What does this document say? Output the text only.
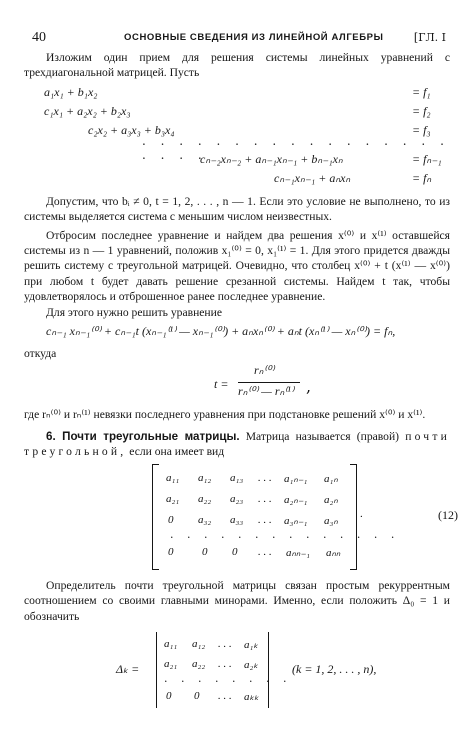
40	ОСНОВНЫЕ СВЕДЕНИЯ ИЗ ЛИНЕЙНОЙ АЛГЕБРЫ	[ГЛ. I

Изложим один прием для решения системы линейных уравнений с трехдиагональной матрицей. Пусть

a₁x₁ + b₁x₂	= f₁
c₁x₁ + a₂x₂ + b₂x₃	= f₂
c₂x₂ + a₃x₃ + b₃x₄	= f₃
. . . . . . . . . . . . . . . . . . . . .
cₙ₋₂xₙ₋₂ + aₙ₋₁xₙ₋₁ + bₙ₋₁xₙ	= fₙ₋₁
cₙ₋₁xₙ₋₁ + aₙxₙ	= fₙ

Допустим, что bᵢ ≠ 0, t = 1, 2, . . . , n — 1. Если это условие не выполнено, то из системы выделяется система с меньшим числом неизвестных.

Отбросим последнее уравнение и найдем два решения x⁽⁰⁾ и x⁽¹⁾ оставшейся системы из n — 1 уравнений, положив x₁⁽⁰⁾ = 0, x₁⁽¹⁾ = 1. Для этого придется дважды решить систему с треугольной матрицей. Очевидно, что столбец x⁽⁰⁾ + t (x⁽¹⁾ — x⁽⁰⁾) при любом t будет давать решение срезанной системы. Найдем t так, чтобы удовлетворялось и отброшенное ранее последнее уравнение.

Для этого нужно решить уравнение

cₙ₋₁ xₙ₋₁⁽⁰⁾ + cₙ₋₁t (xₙ₋₁⁽¹⁾ — xₙ₋₁⁽⁰⁾) + aₙxₙ⁽⁰⁾ + aₙt (xₙ⁽¹⁾ — xₙ⁽⁰⁾) = fₙ,

откуда

t =
rₙ⁽⁰⁾
rₙ⁽⁰⁾ — rₙ⁽¹⁾ ,

где rₙ⁽⁰⁾ и rₙ⁽¹⁾ невязки последнего уравнения при подстановке решений x⁽⁰⁾ и x⁽¹⁾.

6. Почти треугольные матрицы. Матрица называется (правой) почти треугольной, если она имеет вид

a₁₁ a₁₂ a₁₃ . . . a₁ₙ₋₁ a₁ₙ
a₂₁ a₂₂ a₂₃ . . . a₂ₙ₋₁ a₂ₙ
0 a₃₂ a₃₃ . . . a₃ₙ₋₁ a₃ₙ
. . . . . . . . . . . . . .
0	0 0 . . . aₙₙ₋₁ aₙₙ
.	(12)

Определитель почти треугольной матрицы связан простым рекуррентным соотношением со своими главными минорами. Именно, если положить Δ₀ = 1 и обозначить

Δₖ =
a₁₁ a₁₂ . . . a₁ₖ
a₂₁ a₂₂ . . . a₂ₖ
. . . . . . . .
0 0 . . . aₖₖ
(k = 1, 2, . . . , n),
